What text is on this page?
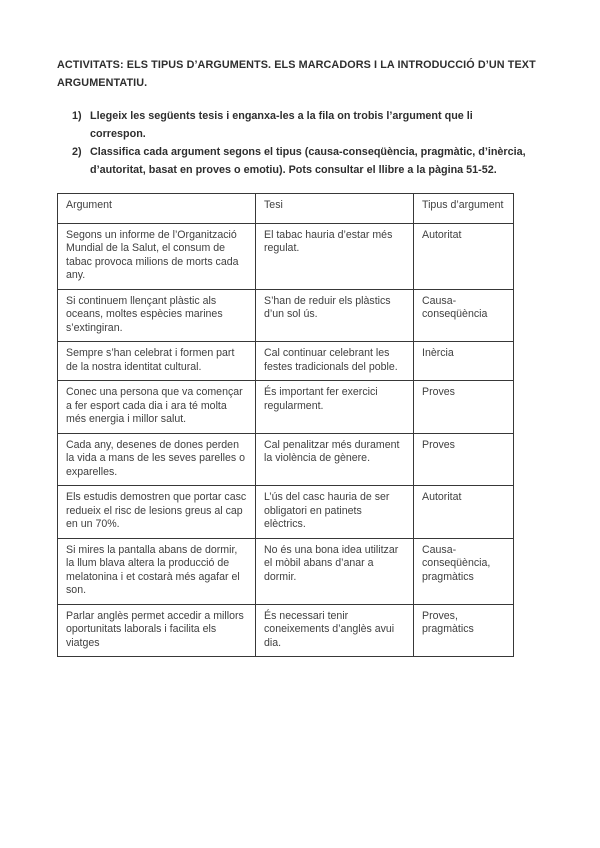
ACTIVITATS: ELS TIPUS D’ARGUMENTS. ELS MARCADORS I LA INTRODUCCIÓ D’UN TEXT ARGUMENTATIU.

1) Llegeix les següents tesis i enganxa-les a la fila on trobis l’argument que li correspon.
2) Classifica cada argument segons el tipus (causa-conseqüència, pragmàtic, d’inèrcia, d’autoritat, basat en proves o emotiu). Pots consultar el llibre a la pàgina 51-52.
Argument	Tesi	Tipus d’argument
Segons un informe de l’Organització Mundial de la Salut, el consum de tabac provoca milions de morts cada any.	El tabac hauria d’estar més regulat.	Autoritat
Si continuem llençant plàstic als oceans, moltes espècies marines s’extingiran.	S’han de reduir els plàstics d’un sol ús.	Causa-conseqüència
Sempre s’han celebrat i formen part de la nostra identitat cultural.	Cal continuar celebrant les festes tradicionals del poble.	Inèrcia
Conec una persona que va començar a fer esport cada dia i ara té molta més energia i millor salut.	És important fer exercici regularment.	Proves
Cada any, desenes de dones perden la vida a mans de les seves parelles o exparelles.	Cal penalitzar més durament la violència de gènere.	Proves
Els estudis demostren que portar casc redueix el risc de lesions greus al cap en un 70%.	L’ús del casc hauria de ser obligatori en patinets elèctrics.	Autoritat
Si mires la pantalla abans de dormir, la llum blava altera la producció de melatonina i et costarà més agafar el son.	No és una bona idea utilitzar el mòbil abans d’anar a dormir.	Causa-conseqüència, pragmàtics
Parlar anglès permet accedir a millors oportunitats laborals i facilita els viatges	És necessari tenir coneixements d’anglès avui dia.	Proves, pragmàtics
